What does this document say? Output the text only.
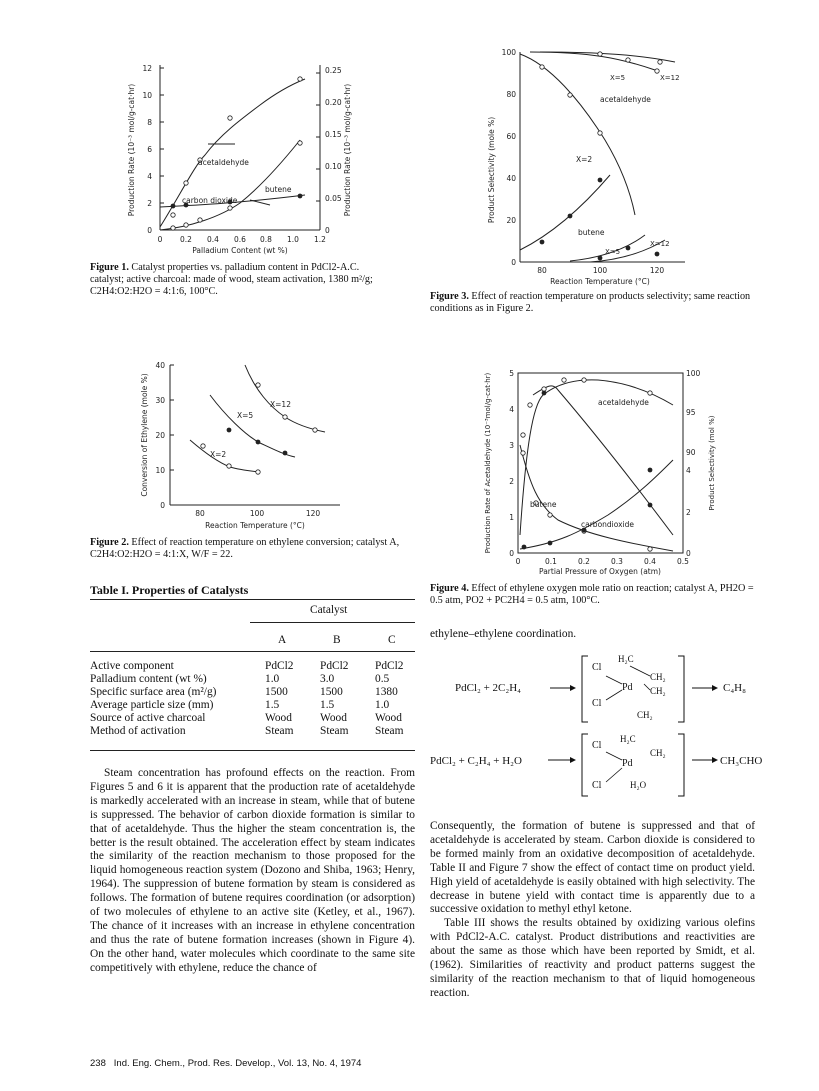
0
2
4
6
8
10
12
0
0.05
0.10
0.15
0.20
0.25
0 0.2 0.4 0.6 0.8 1.0 1.2
Palladium Content (wt %)
Production Rate (10⁻³ mol/g-cat·hr)	Production Rate (10⁻³ mol/g-cat·hr)
acetaldehyde
carbon dioxide
butene
Figure 1. Catalyst properties vs. palladium content in PdCl2-A.C. catalyst; active charcoal: made of wood, steam activation, 1380 m²/g; C2H4:O2:H2O = 4:1:6, 100°C.
0
10
20
30
40
80	100	120
Reaction Temperature (°C)
Conversion of Ethylene (mole %)	X=12
X=5
X=2
Figure 2. Effect of reaction temperature on ethylene conversion; catalyst A, C2H4:O2:H2O = 4:1:X, W/F = 22.
0
20
40
60
80
100
80	100	120
Reaction Temperature (°C)
Product Selectivity (mole %)
X=5	X=12
acetaldehyde
X=2
butene
X=5
X=12
Figure 3. Effect of reaction temperature on products selectivity; same reaction conditions as in Figure 2.
0
1
2
3
4
5	100
95
90
4
2
0
0	0.1	0.2	0.3	0.4	0.5
Partial Pressure of Oxygen (atm)
Production Rate of Acetaldehyde (10⁻³mol/g-cat·hr)	Product Selectivity (mol %)
acetaldehyde
butene
carbondioxide
Figure 4. Effect of ethylene oxygen mole ratio on reaction; catalyst A, PH2O = 0.5 atm, PO2 + PC2H4 = 0.5 atm, 100°C.
Table I. Properties of Catalysts
Catalyst
A	B	C
Active component	PdCl2 PdCl2 PdCl2
Palladium content (wt %)	1.0	3.0	0.5
Specific surface area (m²/g)	1500	1500	1380
Average particle size (mm)	1.5	1.5	1.0
Source of active charcoal	Wood Wood Wood
Method of activation	Steam Steam Steam

Steam concentration has profound effects on the reaction. From Figures 5 and 6 it is apparent that the production rate of acetaldehyde is markedly accelerated with an increase in steam, while that of butene is suppressed. The behavior of carbon dioxide formation is similar to that of acetaldehyde. Thus the higher the steam concentration is, the better is the result obtained. The acceleration effect by steam indicates the similarity of the reaction mechanism to those proposed for the liquid homogeneous reaction system (Dozono and Shiba, 1963; Henry, 1964). The suppression of butene formation by steam is considered as follows. The formation of butene requires coordination (or adsorption) of two molecules of ethylene to an active site (Ketley, et al., 1967). The chance of it increases with an increase in ethylene concentration and thus the rate of butene formation increases (shown in Figure 4). On the other hand, water molecules which coordinate to the same site competitively with ethylene, reduce the chance of

ethylene–ethylene coordination.
PdCl₂ + 2C₂H₄
Cl
Cl
Pd
H₂C
CH₂
CH₂
CH₂
C₄H₈
PdCl₂ + C₂H₄ + H₂O
Cl
Cl
Pd
H₂C
CH₂
H₂O
CH₃CHO

Consequently, the formation of butene is suppressed and that of acetaldehyde is accelerated by steam. Carbon dioxide is considered to be formed mainly from an oxidative decomposition of acetaldehyde. Table II and Figure 7 show the effect of contact time on product yield. High yield of acetaldehyde is easily obtained with high selectivity. The decrease in butene yield with contact time is apparently due to a successive oxidation to methyl ethyl ketone.

Table III shows the results obtained by oxidizing various olefins with PdCl2-A.C. catalyst. Product distributions and reactivities are about the same as those which have been reported by Smidt, et al. (1962). Similarities of reactivity and product patterns suggest the similarity of the reaction mechanism to that of liquid homogeneous reaction.

238   Ind. Eng. Chem., Prod. Res. Develop., Vol. 13, No. 4, 1974
